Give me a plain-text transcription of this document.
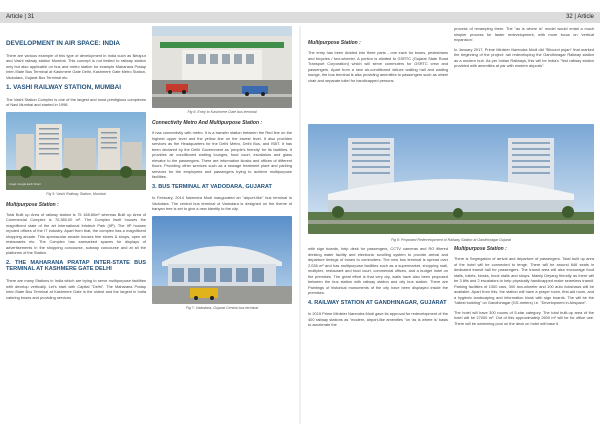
Article | 31	32 | Article
DEVELOPMENT IN AIR SPACE: INDIA

There are various example of this type of development in India such as Belapur and Vashi railway station Mumbai. This concept is not limited to railway station only but also applicable on bus and metro station for example Maharana Pratap Inter-State Bus Terminal at Kashmere Gate Delhi, Kashmere Gate Metro Station, Vadodara, Gujarat Bus Terminal etc.

1. VASHI RAILWAY STATION, MUMBAI

The Vashi Station Complex is one of the largest and most prestigious complexes of Navi Mumbai and started in 1998.

Image: Google Earth Street
Fig 5: Vashi Railway Station, Mumbai
Multipurpose Station :

Total Built up Area of railway station is 75 168.60m² whereas Built up Area of Commercial Complex is 70,380.00 m². The Complex itself houses the magnificent state of the art International Infotech Park (IIP). The IIP houses reputed offices of the IT industry. Apart from that, the complex has a magnificent shopping arcade. This spectacular arcade houses fine stores & shops, open air restaurants etc. The Complex has earmarked spaces for displays of advertisements in the shopping concourse, subway concourse and at all the platforms of the Station.

2. THE MAHARANA PRATAP INTER-STATE BUS TERMINAL AT KASHMERE GATE DELHI

There are many Stations in India which are trying to serve multipurpose facilities with develop vertically. Let's start with Capital "Delhi". The Maharana Pratap Inter-State Bus Terminal at Kashmere Gate is the oldest and the largest in India catering buses and providing services

Fig 6: Entry to Kashmere Gate bus terminal
Connectivity Metro And Multipurpose Station :

It has connectivity with metro. It is a transfer station between the Red line on the highest upper level and the yellow line on the lowest level. It also provides services as the Headquarters for the Delhi Metro, Delhi Bus, and ISBT. It has been declared by the Delhi Government as 'people's friendly' for its facilities. It provides air conditioned waiting lounges, food court, escalators and glass elevator to the passengers. There are information kiosks and offices of different floors. Providing other services such as a sewage treatment plant and parking services for the employees and passengers trying to achieve multipurpose facilities.

3. BUS TERMINAL AT VADODARA, GUJARAT

In February, 2014 Narendra Modi inaugurated an "airport-like" bus terminal in Vadodara. The central bus terminal of Vadodara is designed on the theme of banyan tree is set to give a new identity to the city.

Fig 7: Vadodara, Gujarat Central bus terminal
Multipurpose Station :

The entry has been divided into three parts - one each for buses, pedestrians and bicycles / two-wheeler. A portion is allotted to GSRTC (Gujarat State Road Transport Corporation) which will serve commuters for GSRTC crew and passengers. Apart from a new air-conditioned deluxe waiting hall and waiting lounge, the bus terminal is also providing amenities to passengers such as wheel chair and separate toilet for handicapped persons.

process of revamping them. The "as is where is" model would entail a much simpler process for faster redevelopment, with more focus on 'vertical expansion'.

In January 2017, Prime Minister Narendra Modi did "Bhoomi pujan" that marked the beginning of the project: rail redeveloping the Gandhinagar Railway station as a modern hub. As per Indian Railways, this will be India's "first railway station provided with amenities at par with modern airports".

Fig 8: Proposed Redevelopment of Railway Station at Gandhinagar Gujarat

with sign boards, help desk for passengers, CCTV cameras and RO filtered drinking water facility and electronic scrolling system to provide arrival and departure timings of buses to commuters. The new bus terminal is spread over 2,036 m² and has multipurpose facilities such as a supermarket, shopping mall, multiplex, restaurant and food court, commercial offices, and a budget hotel on the premises. The great effort is that very dry, walls have also been proposed between the bus station with railway station and city bus station. There are Paintings of historical monuments of the city have been displayed inside the premises.

4. RAILWAY STATION AT GANDHINAGAR, GUJARAT

In 2015 Prime Minister Narendra Modi gave its approval for redevelopment of the 400 railway stations as "modern, airport-like amenities "on 'as is where is' basis to accelerate the

Multipurpose Station :

There is Segregation of arrival and departure of passengers. Total built up area of the hotel will be connected to tenge. There will be around 646 seats in dedicated transit hall for passengers. The transit area will also encourage food stalls, toilets, kiosks, book stalls and shops. Mainly Deyang friendly as there will be 3 lifts and 2 escalators to help physically handicapped make seamless transit. Parking facilities of 1300 cars, 300 two-wheeler and 100 auto rickshaws will be available. Apart from this, the station will have a prayer room, first-aid room, and a hygienic landscaping and information kiosk with sign boards. The will be the "tallest building" on Gandhinagar (GS-meters) i.e. "Development in Airspace".

The hotel will have 300 rooms of 5-star category. The total built-up area of the hotel will be 27000 m². Out of this approximately 2600 m² will be for office use. There will be swimming pool on the deck on hotel will base it.
